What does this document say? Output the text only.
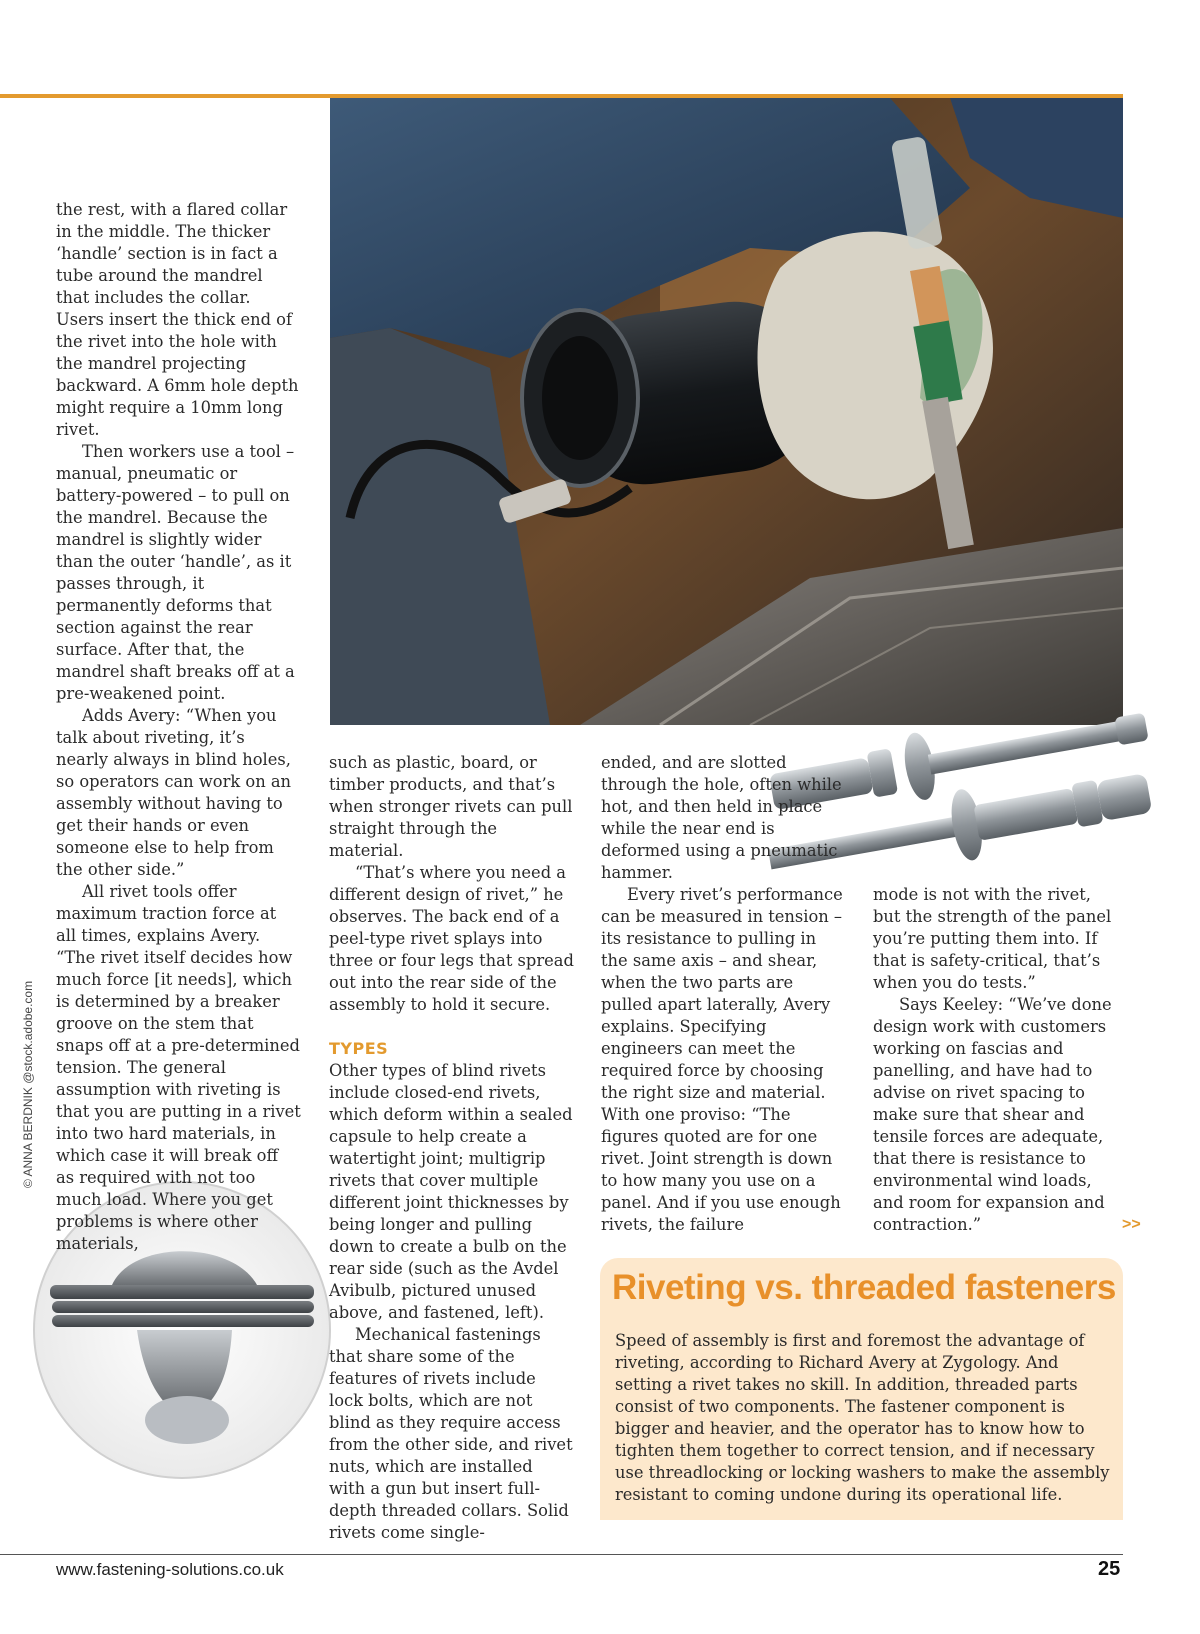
© ANNA BERDNIK @stock.adobe.com

the rest, with a flared collar in the middle. The thicker ‘handle’ section is in fact a tube around the mandrel that includes the collar. Users insert the thick end of the rivet into the hole with the mandrel projecting backward. A 6mm hole depth might require a 10mm long rivet.

Then workers use a tool – manual, pneumatic or battery-powered – to pull on the mandrel. Because the mandrel is slightly wider than the outer ‘handle’, as it passes through, it permanently deforms that section against the rear surface. After that, the mandrel shaft breaks off at a pre-weakened point.

Adds Avery: “When you talk about riveting, it’s nearly always in blind holes, so operators can work on an assembly without having to get their hands or even someone else to help from the other side.”

All rivet tools offer maximum traction force at all times, explains Avery. “The rivet itself decides how much force [it needs], which is determined by a breaker groove on the stem that snaps off at a pre-determined tension. The general assumption with riveting is that you are putting in a rivet into two hard materials, in which case it will break off as required with not too much load. Where you get problems is where other materials,

such as plastic, board, or timber products, and that’s when stronger rivets can pull straight through the material.

“That’s where you need a different design of rivet,” he observes. The back end of a peel-type rivet splays into three or four legs that spread out into the rear side of the assembly to hold it secure.

TYPES

Other types of blind rivets include closed-end rivets, which deform within a sealed capsule to help create a watertight joint; multigrip rivets that cover multiple different joint thicknesses by being longer and pulling down to create a bulb on the rear side (such as the Avdel Avibulb, pictured unused above, and fastened, left).

Mechanical fastenings that share some of the features of rivets include lock bolts, which are not blind as they require access from the other side, and rivet nuts, which are installed with a gun but insert full-depth threaded collars. Solid rivets come single-

ended, and are slotted through the hole, often while hot, and then held in place while the near end is deformed using a pneumatic hammer.

Every rivet’s performance can be measured in tension – its resistance to pulling in the same axis – and shear, when the two parts are pulled apart laterally, Avery explains. Specifying engineers can meet the required force by choosing the right size and material. With one proviso: “The figures quoted are for one rivet. Joint strength is down to how many you use on a panel. And if you use enough rivets, the failure

mode is not with the rivet, but the strength of the panel you’re putting them into. If that is safety-critical, that’s when you do tests.”

Says Keeley: “We’ve done design work with customers working on fascias and panelling, and have had to advise on rivet spacing to make sure that shear and tensile forces are adequate, that there is resistance to environmental wind loads, and room for expansion and contraction.”	>>
Riveting vs. threaded fasteners
Speed of assembly is first and foremost the advantage of riveting, according to Richard Avery at Zygology. And setting a rivet takes no skill. In addition, threaded parts consist of two components. The fastener component is bigger and heavier, and the operator has to know how to tighten them together to correct tension, and if necessary use threadlocking or locking washers to make the assembly resistant to coming undone during its operational life.
www.fastening-solutions.co.uk	25
